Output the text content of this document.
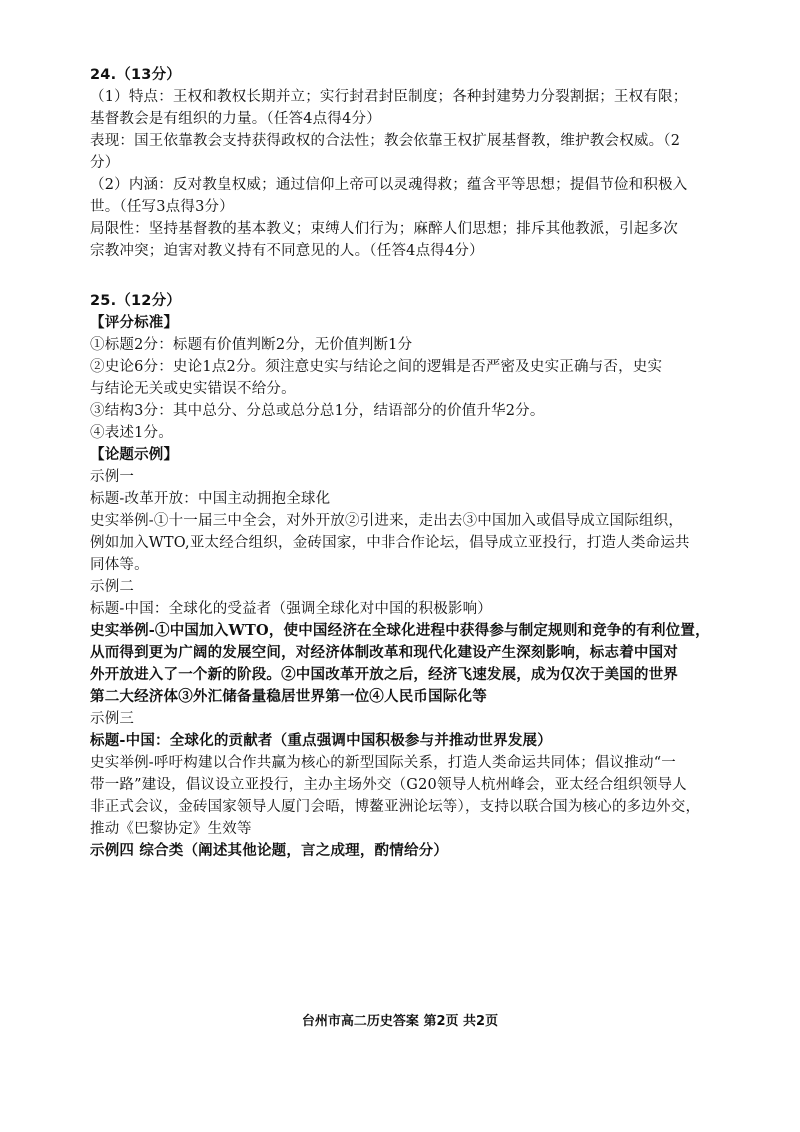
24.（13分）
（1）特点：王权和教权长期并立；实行封君封臣制度；各种封建势力分裂割据；王权有限；
基督教会是有组织的力量。（任答4点得4分）
表现：国王依靠教会支持获得政权的合法性；教会依靠王权扩展基督教，维护教会权威。（2
分）
（2）内涵：反对教皇权威；通过信仰上帝可以灵魂得救；蕴含平等思想；提倡节俭和积极入
世。（任写3点得3分）
局限性：坚持基督教的基本教义；束缚人们行为；麻醉人们思想；排斥其他教派，引起多次
宗教冲突；迫害对教义持有不同意见的人。（任答4点得4分）
25.（12分）
【评分标准】
①标题2分：标题有价值判断2分，无价值判断1分
②史论6分：史论1点2分。须注意史实与结论之间的逻辑是否严密及史实正确与否，史实
与结论无关或史实错误不给分。
③结构3分：其中总分、分总或总分总1分，结语部分的价值升华2分。
④表述1分。
【论题示例】
示例一
标题-改革开放：中国主动拥抱全球化
史实举例-①十一届三中全会，对外开放②引进来，走出去③中国加入或倡导成立国际组织，
例如加入WTO,亚太经合组织，金砖国家，中非合作论坛，倡导成立亚投行，打造人类命运共
同体等。
示例二
标题-中国：全球化的受益者（强调全球化对中国的积极影响）
史实举例-①中国加入WTO，使中国经济在全球化进程中获得参与制定规则和竞争的有利位置，
从而得到更为广阔的发展空间，对经济体制改革和现代化建设产生深刻影响，标志着中国对
外开放进入了一个新的阶段。②中国改革开放之后，经济飞速发展，成为仅次于美国的世界
第二大经济体③外汇储备量稳居世界第一位④人民币国际化等
示例三
标题-中国：全球化的贡献者（重点强调中国积极参与并推动世界发展）
史实举例-呼吁构建以合作共赢为核心的新型国际关系，打造人类命运共同体；倡议推动“一
带一路”建设，倡议设立亚投行，主办主场外交（G20领导人杭州峰会，亚太经合组织领导人
非正式会议，金砖国家领导人厦门会晤，博鳌亚洲论坛等），支持以联合国为核心的多边外交，
推动《巴黎协定》生效等
示例四 综合类（阐述其他论题，言之成理，酌情给分）
台州市高二历史答案 第2页 共2页
